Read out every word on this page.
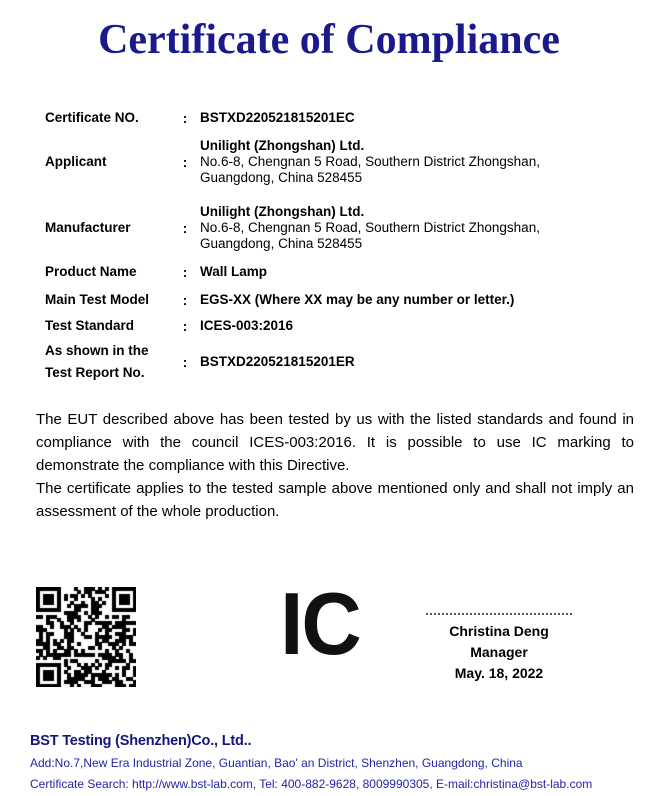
Certificate of Compliance
Certificate NO.	: BSTXD220521815201EC
Applicant	:
Unilight (Zhongshan) Ltd.
No.6-8, Chengnan 5 Road, Southern District Zhongshan,
Guangdong, China 528455
Manufacturer	:
Unilight (Zhongshan) Ltd.
No.6-8, Chengnan 5 Road, Southern District Zhongshan,
Guangdong, China 528455
Product Name	: Wall Lamp
Main Test Model	: EGS-XX (Where XX may be any number or letter.)
Test Standard	: ICES-003:2016
As shown in the
Test Report No.
: BSTXD220521815201ER

The EUT described above has been tested by us with the listed standards and found in compliance with the council ICES-003:2016. It is possible to use IC marking to demonstrate the compliance with this Directive.

The certificate applies to the tested sample above mentioned only and shall not imply an assessment of the whole production.

IC	Christina Deng
Manager
May. 18, 2022
BST Testing (Shenzhen)Co., Ltd..
Add:No.7,New Era Industrial Zone, Guantian, Bao' an District, Shenzhen, Guangdong, China
Certificate Search: http://www.bst-lab.com, Tel: 400-882-9628, 8009990305, E-mail:christina@bst-lab.com
